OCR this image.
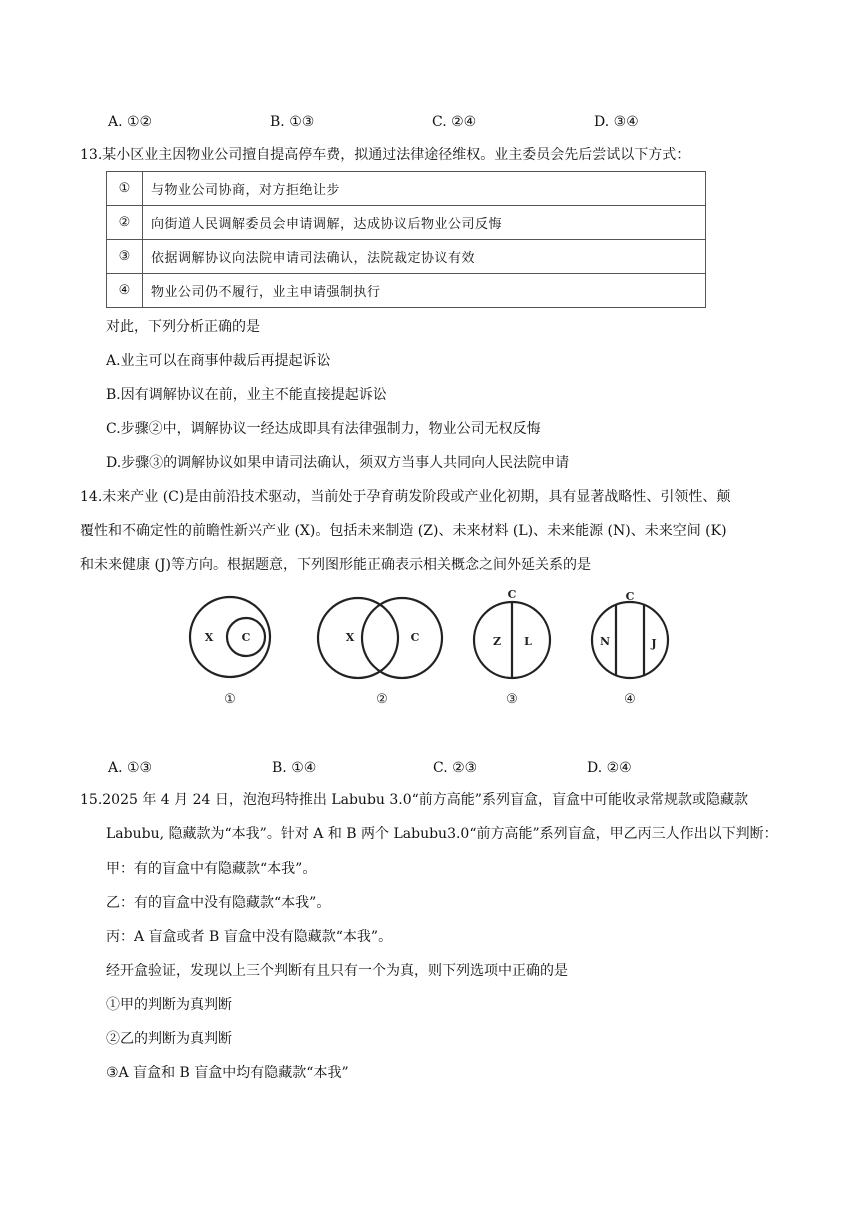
A. ①②	B. ①③	C. ②④	D. ③④
13.某小区业主因物业公司擅自提高停车费，拟通过法律途径维权。业主委员会先后尝试以下方式：
①	与物业公司协商，对方拒绝让步
②	向街道人民调解委员会申请调解，达成协议后物业公司反悔
③	依据调解协议向法院申请司法确认，法院裁定协议有效
④	物业公司仍不履行，业主申请强制执行
对此，下列分析正确的是
A.业主可以在商事仲裁后再提起诉讼
B.因有调解协议在前，业主不能直接提起诉讼
C.步骤②中，调解协议一经达成即具有法律强制力，物业公司无权反悔
D.步骤③的调解协议如果申请司法确认，须双方当事人共同向人民法院申请
14.未来产业 (C)是由前沿技术驱动，当前处于孕育萌发阶段或产业化初期，具有显著战略性、引领性、颠
覆性和不确定性的前瞻性新兴产业 (X)。包括未来制造 (Z)、未来材料 (L)、未来能源 (N)、未来空间 (K)
和未来健康 (J)等方向。根据题意，下列图形能正确表示相关概念之间外延关系的是
X	C	X	C
C
Z L
C
N	J
①	②	③	④
A. ①③	B. ①④	C. ②③	D. ②④
15.2025 年 4 月 24 日，泡泡玛特推出 Labubu 3.0“前方高能”系列盲盒，盲盒中可能收录常规款或隐藏款
Labubu, 隐藏款为“本我”。针对 A 和 B 两个 Labubu3.0“前方高能”系列盲盒，甲乙丙三人作出以下判断：
甲：有的盲盒中有隐藏款“本我”。
乙：有的盲盒中没有隐藏款“本我”。
丙：A 盲盒或者 B 盲盒中没有隐藏款“本我”。
经开盒验证，发现以上三个判断有且只有一个为真，则下列选项中正确的是
①甲的判断为真判断
②乙的判断为真判断
③A 盲盒和 B 盲盒中均有隐藏款“本我”
